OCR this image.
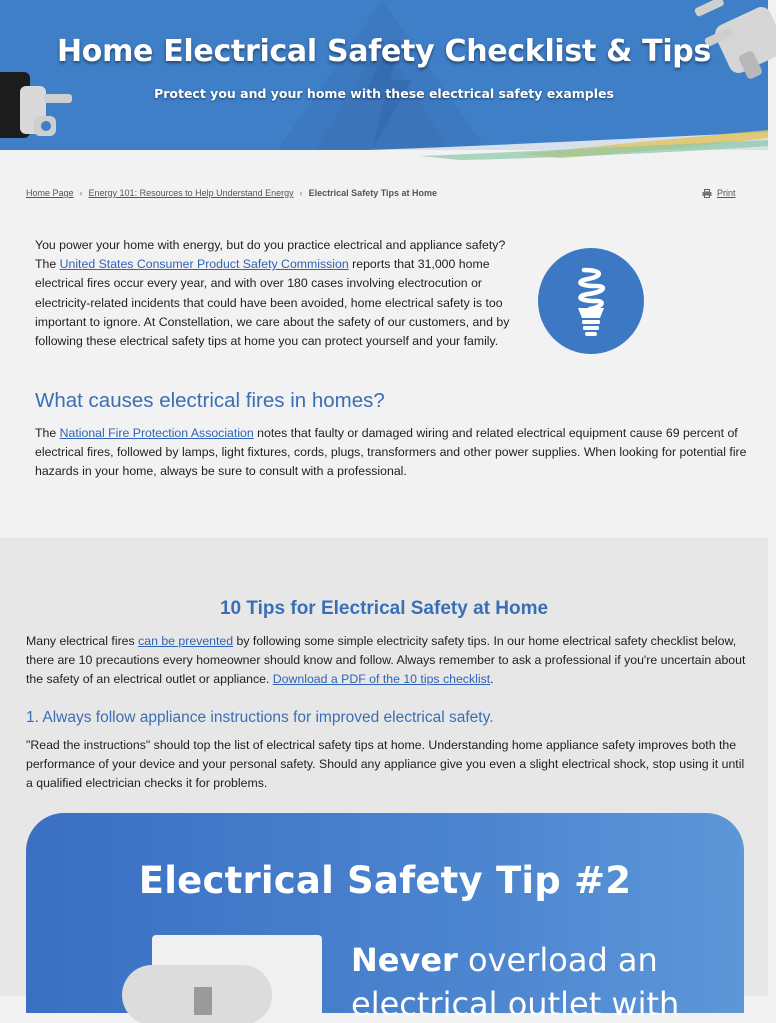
Home Electrical Safety Checklist & Tips
Protect you and your home with these electrical safety examples
Home Page ‹ Energy 101: Resources to Help Understand Energy ‹ Electrical Safety Tips at Home	Print

You power your home with energy, but do you practice electrical and appliance safety? The United States Consumer Product Safety Commission reports that 31,000 home electrical fires occur every year, and with over 180 cases involving electrocution or electricity-related incidents that could have been avoided, home electrical safety is too important to ignore. At Constellation, we care about the safety of our customers, and by following these electrical safety tips at home you can protect yourself and your family.

What causes electrical fires in homes?

The National Fire Protection Association notes that faulty or damaged wiring and related electrical equipment cause 69 percent of electrical fires, followed by lamps, light fixtures, cords, plugs, transformers and other power supplies. When looking for potential fire hazards in your home, always be sure to consult with a professional.

10 Tips for Electrical Safety at Home

Many electrical fires can be prevented by following some simple electricity safety tips. In our home electrical safety checklist below, there are 10 precautions every homeowner should know and follow. Always remember to ask a professional if you're uncertain about the safety of an electrical outlet or appliance. Download a PDF of the 10 tips checklist.

1. Always follow appliance instructions for improved electrical safety.

"Read the instructions" should top the list of electrical safety tips at home. Understanding home appliance safety improves both the performance of your device and your personal safety. Should any appliance give you even a slight electrical shock, stop using it until a qualified electrician checks it for problems.

Electrical Safety Tip #2
Never overload an
electrical outlet with
